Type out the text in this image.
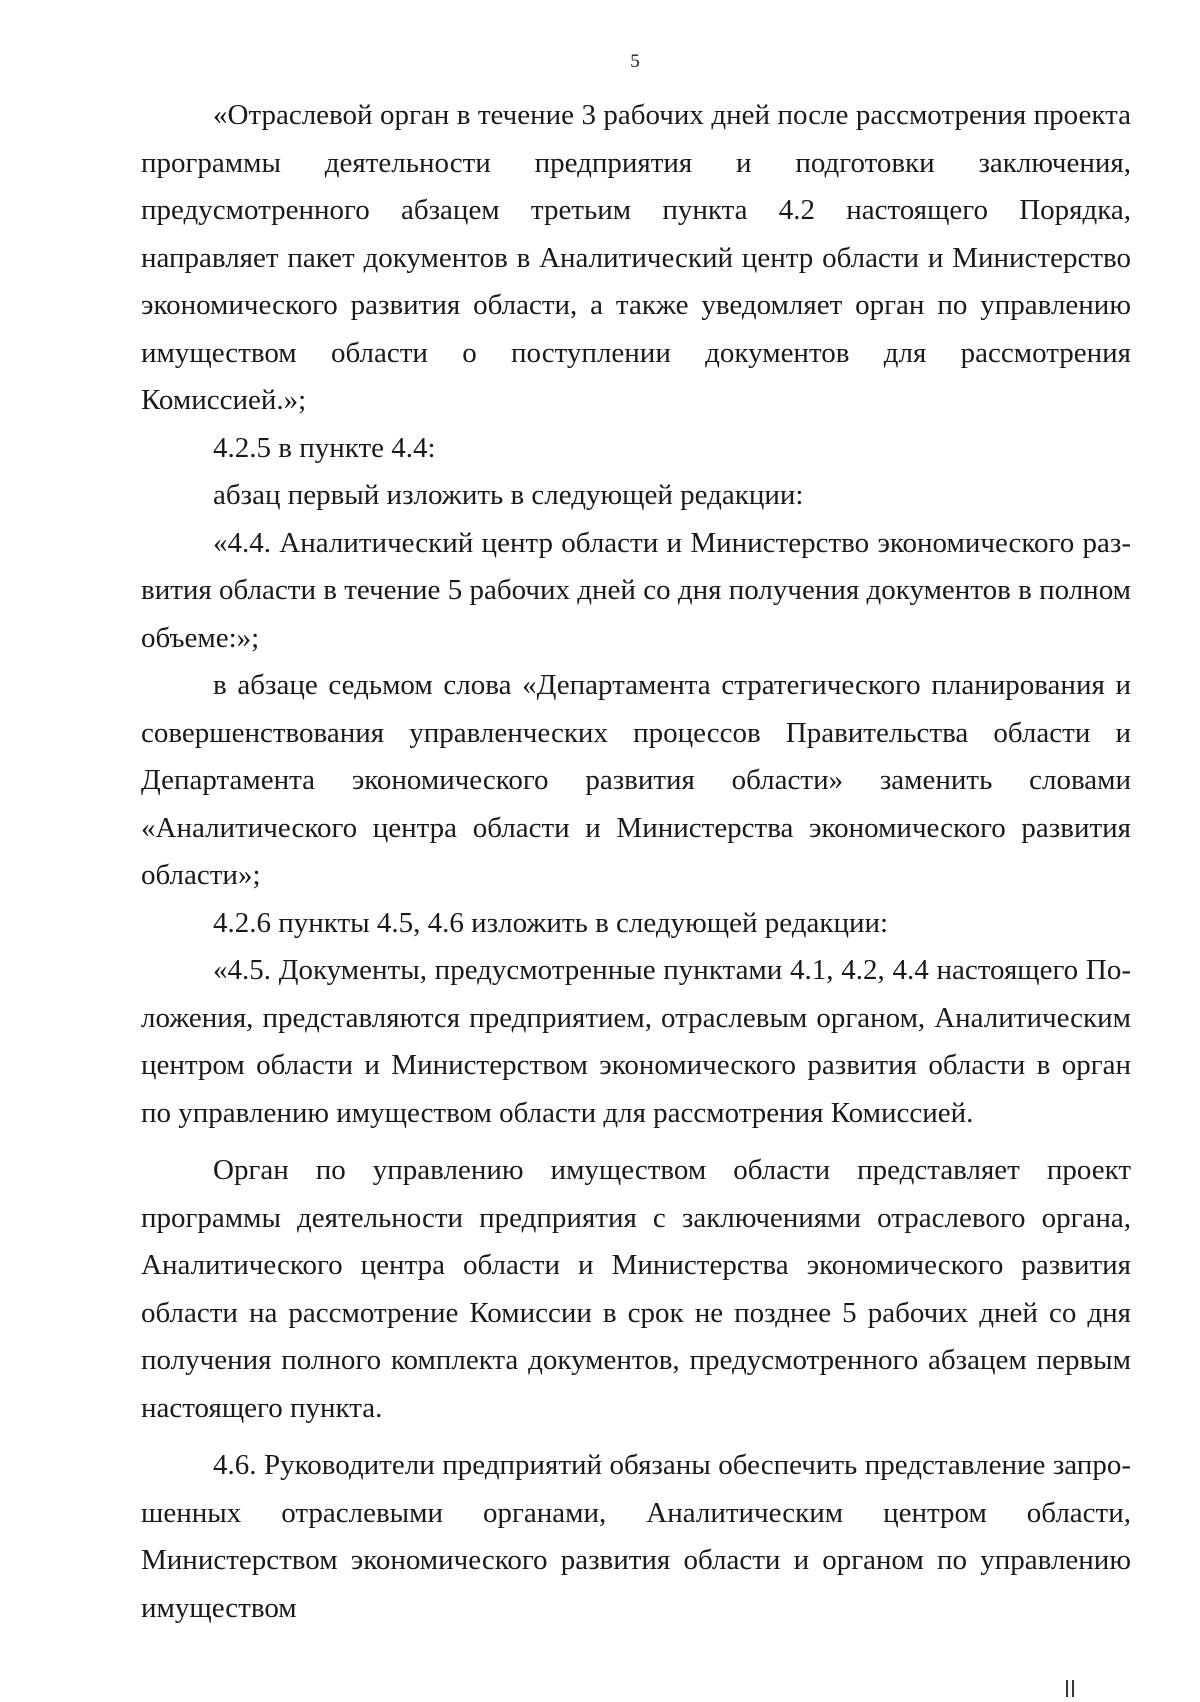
5

«Отраслевой орган в течение 3 рабочих дней после рассмотрения проекта программы деятельности предприятия и подготовки заключения, предусмотренного абзацем третьим пункта 4.2 настоящего Порядка, направляет пакет документов в Аналитический центр области и Министерство экономического развития области, а также уведомляет орган по управлению имуществом области о поступлении документов для рассмотрения Комиссией.»;

4.2.5 в пункте 4.4:

абзац первый изложить в следующей редакции:

«4.4. Аналитический центр области и Министерство экономического развития области в течение 5 рабочих дней со дня получения документов в полном объеме:»;

в абзаце седьмом слова «Департамента стратегического планирования и совершенствования управленческих процессов Правительства области и Департамента экономического развития области» заменить словами «Аналитического центра области и Министерства экономического развития области»;

4.2.6 пункты 4.5, 4.6 изложить в следующей редакции:

«4.5. Документы, предусмотренные пунктами 4.1, 4.2, 4.4 настоящего Положения, представляются предприятием, отраслевым органом, Аналитическим центром области и Министерством экономического развития области в орган по управлению имуществом области для рассмотрения Комиссией.

Орган по управлению имуществом области представляет проект программы деятельности предприятия с заключениями отраслевого органа, Аналитического центра области и Министерства экономического развития области на рассмотрение Комиссии в срок не позднее 5 рабочих дней со дня получения полного комплекта документов, предусмотренного абзацем первым настоящего пункта.

4.6. Руководители предприятий обязаны обеспечить представление запрошенных отраслевыми органами, Аналитическим центром области, Министерством экономического развития области и органом по управлению имуществом
